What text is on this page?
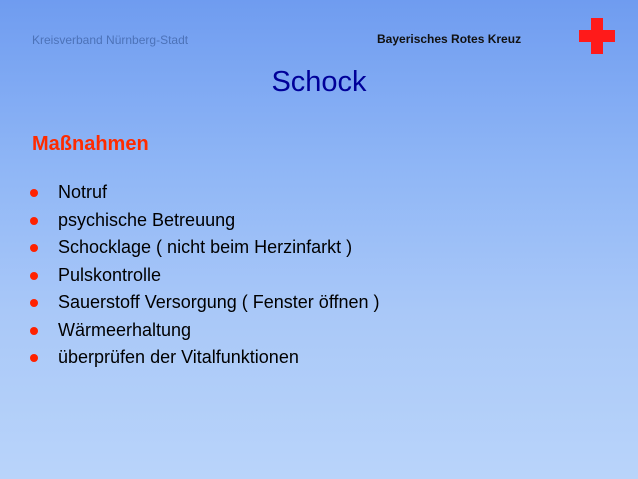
Kreisverband Nürnberg-Stadt	Bayerisches Rotes Kreuz
Schock
Maßnahmen
Notruf
psychische Betreuung
Schocklage ( nicht beim Herzinfarkt )
Pulskontrolle
Sauerstoff Versorgung ( Fenster öffnen )
Wärmeerhaltung
überprüfen der Vitalfunktionen
